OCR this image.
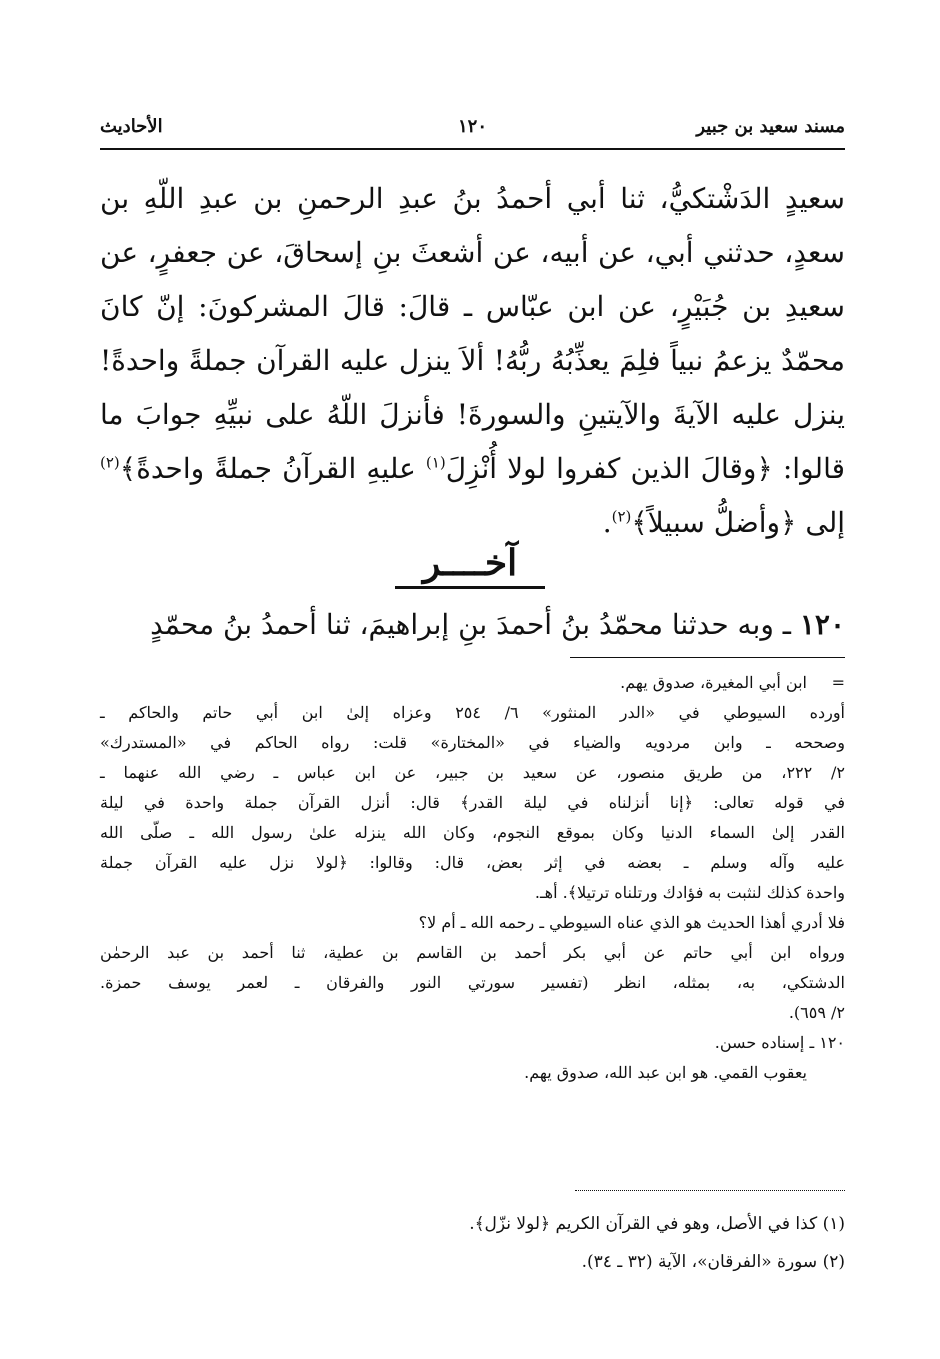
مسند سعيد بن جبير
١٢٠
الأحاديث
سعيدٍ الدَشْتكيُّ، ثنا أبي أحمدُ بنُ عبدِ الرحمنِ بن عبدِ اللّهِ بن سعدٍ، حدثني أبي، عن أبيه، عن أشعثَ بنِ إسحاقَ، عن جعفرٍ، عن سعيدِ بن جُبَيْرٍ، عن ابن عبّاس ـ قالَ: قالَ المشركونَ: إنّ كانَ محمّدٌ يزعمُ نبياً فلِمَ يعذِّبُهُ ربُّهُ! ألاَ ينزل عليه القرآن جملةً واحدةً! ينزل عليه الآيةَ والآيتينِ والسورةَ! فأنزلَ اللّهُ على نبيِّهِ جوابَ ما قالوا: ﴿وقالَ الذين كفروا لولا أُنْزِلَ$^{(١)}$ عليهِ القرآنُ جملةً واحدةً﴾$^{(٢)}$ إلى ﴿وأضلُّ سبيلاً﴾$^{(٢)}$.
آخــــر
١٢٠ ـ وبه حدثنا محمّدُ بنُ أحمدَ بنِ إبراهيمَ، ثنا أحمدُ بنُ محمّدٍ
=
ابن أبي المغيرة، صدوق يهم.
أورده السيوطي في «الدر المنثور» ٦/ ٢٥٤ وعزاه إلىٰ ابن أبي حاتم والحاكم ـ
وصححه ـ وابن مردويه والضياء في «المختارة» قلت: رواه الحاكم في «المستدرك»
٢/ ٢٢٢، من طريق منصور، عن سعيد بن جبير، عن ابن عباس ـ رضي الله عنهما ـ
في قوله تعالى: ﴿إنا أنزلناه في ليلة القدر﴾ قال: أنزل القرآن جملة واحدة في ليلة
القدر إلىٰ السماء الدنيا وكان بموقع النجوم، وكان الله ينزله علىٰ رسول الله ـ صلّى الله
عليه وآله وسلم ـ بعضه في إثر بعض، قال: وقالوا: ﴿لولا نزل عليه القرآن جملة
واحدة كذلك لنثبت به فؤادك ورتلناه ترتيلا﴾. أهـ.
فلا أدري أهذا الحديث هو الذي عناه السيوطي ـ رحمه الله ـ أم لا؟
ورواه ابن أبي حاتم عن أبي بكر أحمد بن القاسم بن عطية، ثنا أحمد بن عبد الرحمٰن
الدشتكي، به، بمثله، انظر (تفسير سورتي النور والفرقان ـ لعمر يوسف حمزة.
٢/ ٦٥٩).
١٢٠ ـ إسناده حسن.
يعقوب القمي. هو ابن عبد الله، صدوق يهم.
(١) كذا في الأصل، وهو في القرآن الكريم ﴿لولا نزّل﴾.
(٢) سورة «الفرقان»، الآية (٣٢ ـ ٣٤).
